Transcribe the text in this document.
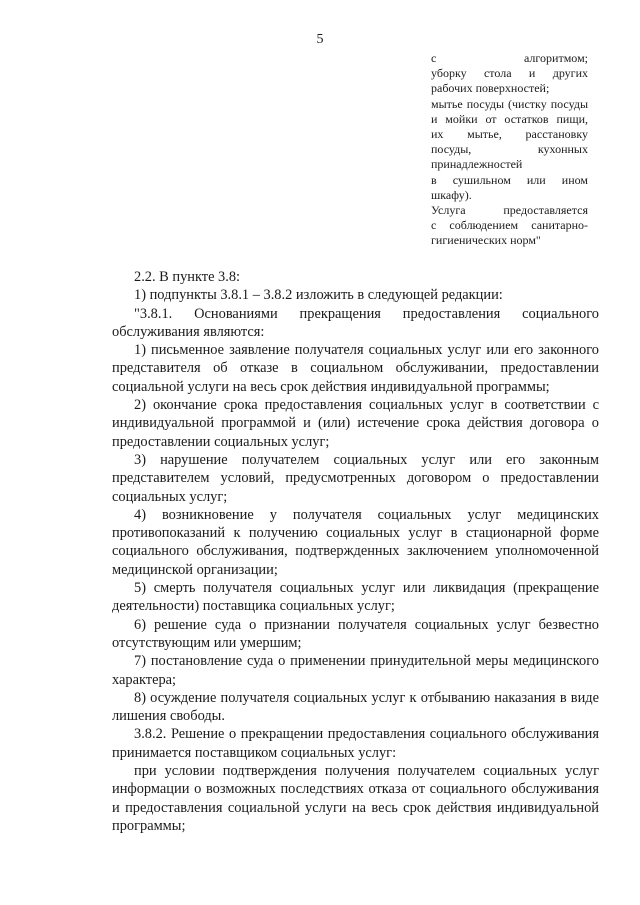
5

с алгоритмом;

уборку стола и других

рабочих поверхностей;

мытье посуды (чистку посуды

и мойки от остатков пищи,

их мытье, расстановку

посуды, кухонных

принадлежностей

в сушильном или ином

шкафу).

Услуга предоставляется

с соблюдением санитарно-

гигиенических норм"

2.2. В пункте 3.8:

1) подпункты 3.8.1 – 3.8.2 изложить в следующей редакции:

"3.8.1. Основаниями прекращения предоставления социального обслуживания являются:

1) письменное заявление получателя социальных услуг или его законного представителя об отказе в социальном обслуживании, предоставлении социальной услуги на весь срок действия индивидуальной программы;

2) окончание срока предоставления социальных услуг в соответствии с индивидуальной программой и (или) истечение срока действия договора о предоставлении социальных услуг;

3) нарушение получателем социальных услуг или его законным представителем условий, предусмотренных договором о предоставлении социальных услуг;

4) возникновение у получателя социальных услуг медицинских противопоказаний к получению социальных услуг в стационарной форме социального обслуживания, подтвержденных заключением уполномоченной медицинской организации;

5) смерть получателя социальных услуг или ликвидация (прекращение деятельности) поставщика социальных услуг;

6) решение суда о признании получателя социальных услуг безвестно отсутствующим или умершим;

7) постановление суда о применении принудительной меры медицинского характера;

8) осуждение получателя социальных услуг к отбыванию наказания в виде лишения свободы.

3.8.2. Решение о прекращении предоставления социального обслуживания принимается поставщиком социальных услуг:

при условии подтверждения получения получателем социальных услуг информации о возможных последствиях отказа от социального обслуживания и предоставления социальной услуги на весь срок действия индивидуальной программы;
